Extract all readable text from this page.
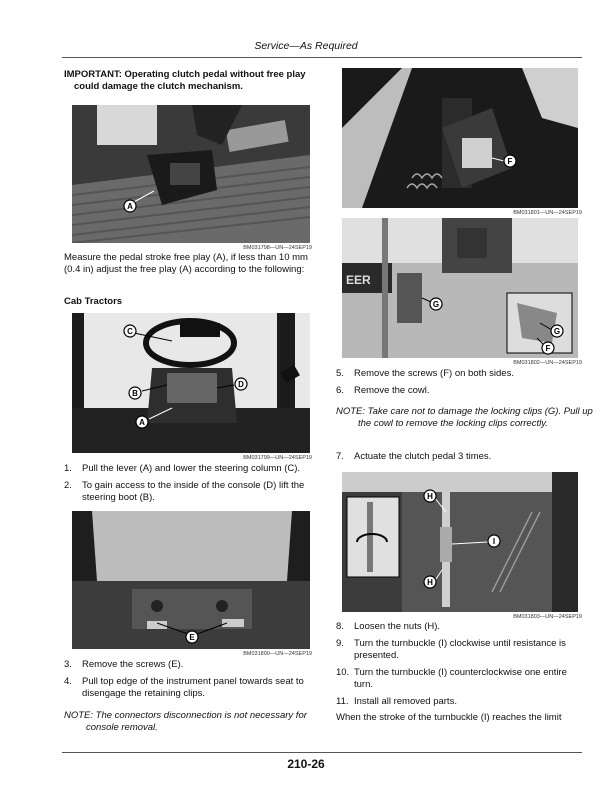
Service—As Required
IMPORTANT: Operating clutch pedal without free play could damage the clutch mechanism.
A
BM031798—UN—24SEP19
Measure the pedal stroke free play (A), if less than 10 mm (0.4 in) adjust the free play (A) according to the following:
Cab Tractors
C
D
B
A
BM031799—UN—24SEP19
1. Pull the lever (A) and lower the steering column (C).
2. To gain access to the inside of the console (D) lift the steering boot (B).
E
BM031800—UN—24SEP19
3. Remove the screws (E).
4. Pull top edge of the instrument panel towards seat to disengage the retaining clips.
NOTE: The connectors disconnection is not necessary for console removal.
F
BM031801—UN—24SEP19
EER
G
G
F
BM031802—UN—24SEP19
5. Remove the screws (F) on both sides.
6. Remove the cowl.
NOTE: Take care not to damage the locking clips (G). Pull up the cowl to remove the locking clips correctly.
7. Actuate the clutch pedal 3 times.
H
I
H
BM031803—UN—24SEP19
8. Loosen the nuts (H).
9. Turn the turnbuckle (I) clockwise until resistance is presented.
10. Turn the turnbuckle (I) counterclockwise one entire turn.
11. Install all removed parts.
When the stroke of the turnbuckle (I) reaches the limit
210-26
